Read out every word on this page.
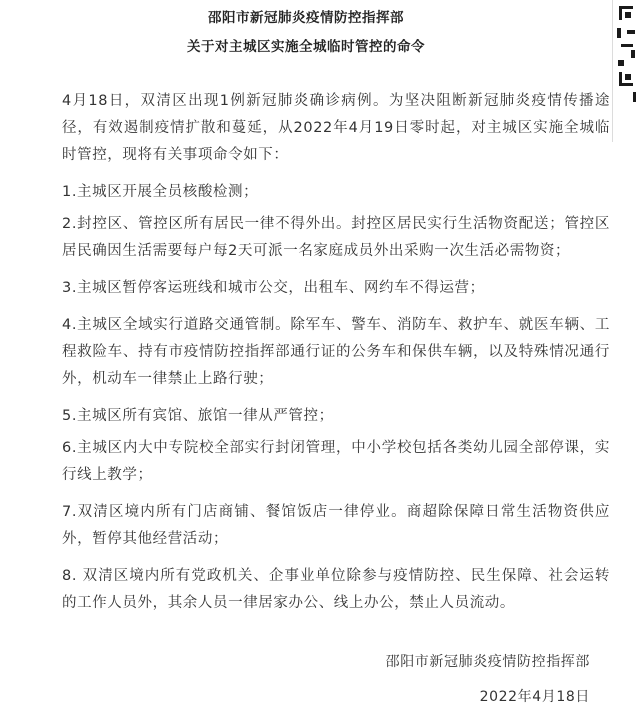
邵阳市新冠肺炎疫情防控指挥部
关于对主城区实施全城临时管控的命令

4月18日，双清区出现1例新冠肺炎确诊病例。为坚决阻断新冠肺炎疫情传播途径，有效遏制疫情扩散和蔓延，从2022年4月19日零时起，对主城区实施全城临时管控，现将有关事项命令如下：

1.主城区开展全员核酸检测；

2.封控区、管控区所有居民一律不得外出。封控区居民实行生活物资配送；管控区居民确因生活需要每户每2天可派一名家庭成员外出采购一次生活必需物资；

3.主城区暂停客运班线和城市公交，出租车、网约车不得运营；

4.主城区全域实行道路交通管制。除军车、警车、消防车、救护车、就医车辆、工程救险车、持有市疫情防控指挥部通行证的公务车和保供车辆，以及特殊情况通行外，机动车一律禁止上路行驶；

5.主城区所有宾馆、旅馆一律从严管控；

6.主城区内大中专院校全部实行封闭管理，中小学校包括各类幼儿园全部停课，实行线上教学；

7.双清区境内所有门店商铺、餐馆饭店一律停业。商超除保障日常生活物资供应外，暂停其他经营活动；

8. 双清区境内所有党政机关、企事业单位除参与疫情防控、民生保障、社会运转的工作人员外，其余人员一律居家办公、线上办公，禁止人员流动。

邵阳市新冠肺炎疫情防控指挥部
2022年4月18日
